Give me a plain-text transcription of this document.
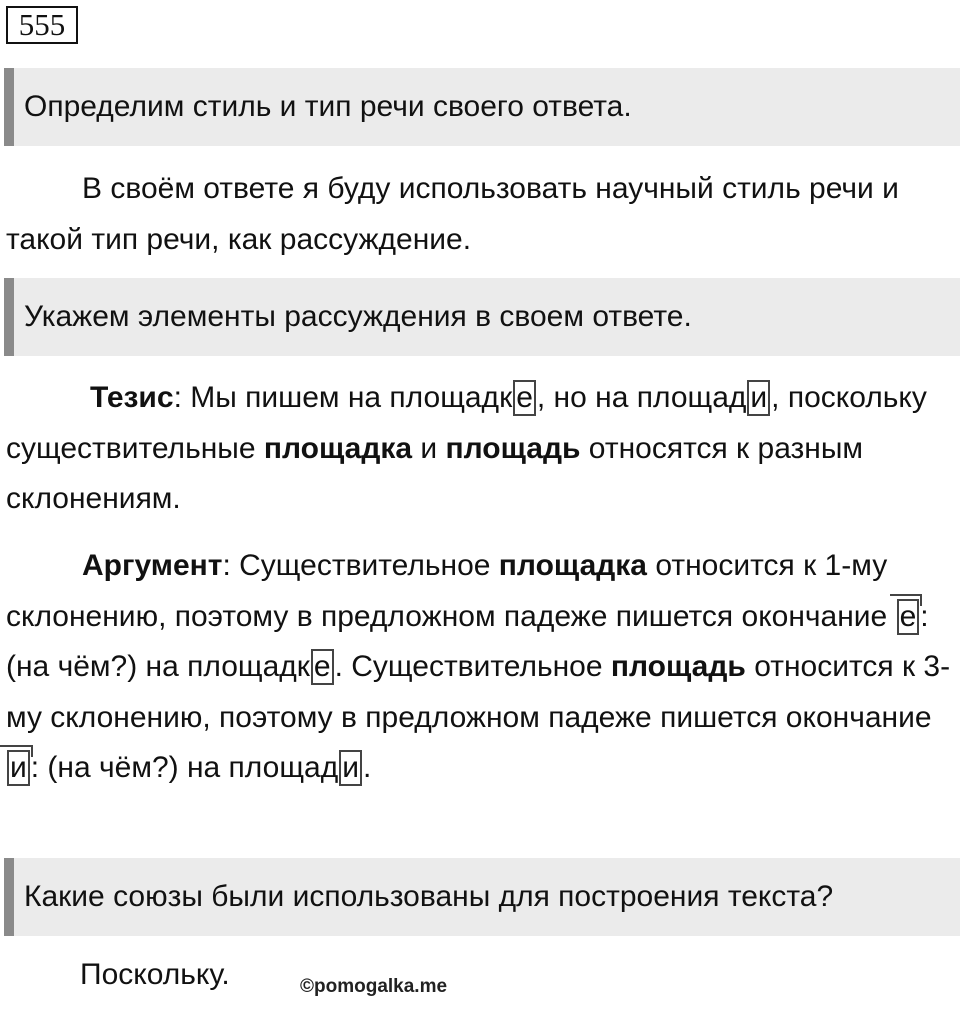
555
Определим стиль и тип речи своего ответа.

В своём ответе я буду использовать научный стиль речи и такой тип речи, как рассуждение.

Укажем элементы рассуждения в своем ответе.

Тезис: Мы пишем на площадк е , но на площад и , поскольку существительные площадка и площадь относятся к разным склонениям.

Аргумент: Существительное площадка относится к 1-му склонению, поэтому в предложном падеже пишется окончание е : (на чём?) на площадк е . Существительное площадь относится к 3-му склонению, поэтому в предложном падеже пишется окончание и : (на чём?) на площад и .

Какие союзы были использованы для построения текста?
Поскольку.	©pomogalka.me
